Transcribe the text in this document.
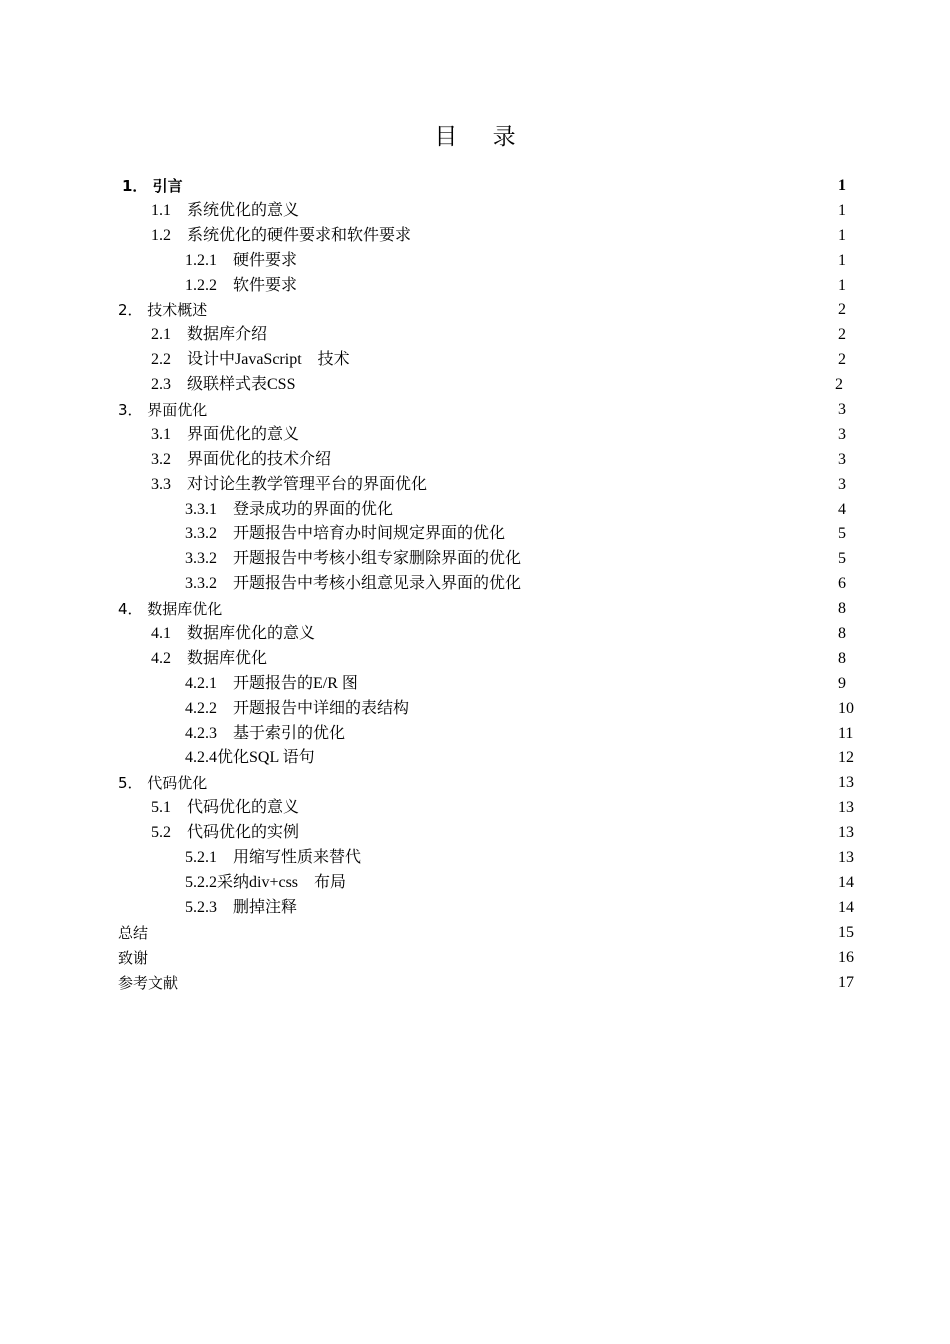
目 录
1． 引言	1
1.1　系统优化的意义	1
1.2　系统优化的硬件要求和软件要求	1
1.2.1　硬件要求	1
1.2.2　软件要求	1
2． 技术概述	2
2.1　数据库介绍	2
2.2　设计中JavaScript　技术	2
2.3　级联样式表CSS	2
3． 界面优化	3
3.1　界面优化的意义	3
3.2　界面优化的技术介绍	3
3.3　对讨论生教学管理平台的界面优化	3
3.3.1　登录成功的界面的优化	4
3.3.2　开题报告中培育办时间规定界面的优化	5
3.3.2　开题报告中考核小组专家删除界面的优化	5
3.3.2　开题报告中考核小组意见录入界面的优化	6
4． 数据库优化	8
4.1　数据库优化的意义	8
4.2　数据库优化	8
4.2.1　开题报告的E/R 图	9
4.2.2　开题报告中详细的表结构	10
4.2.3　基于索引的优化	11
4.2.4优化SQL 语句	12
5． 代码优化	13
5.1　代码优化的意义	13
5.2　代码优化的实例	13
5.2.1　用缩写性质来替代	13
5.2.2采纳div+css　布局	14
5.2.3　删掉注释	14
总结	15
致谢	16
参考文献	17
